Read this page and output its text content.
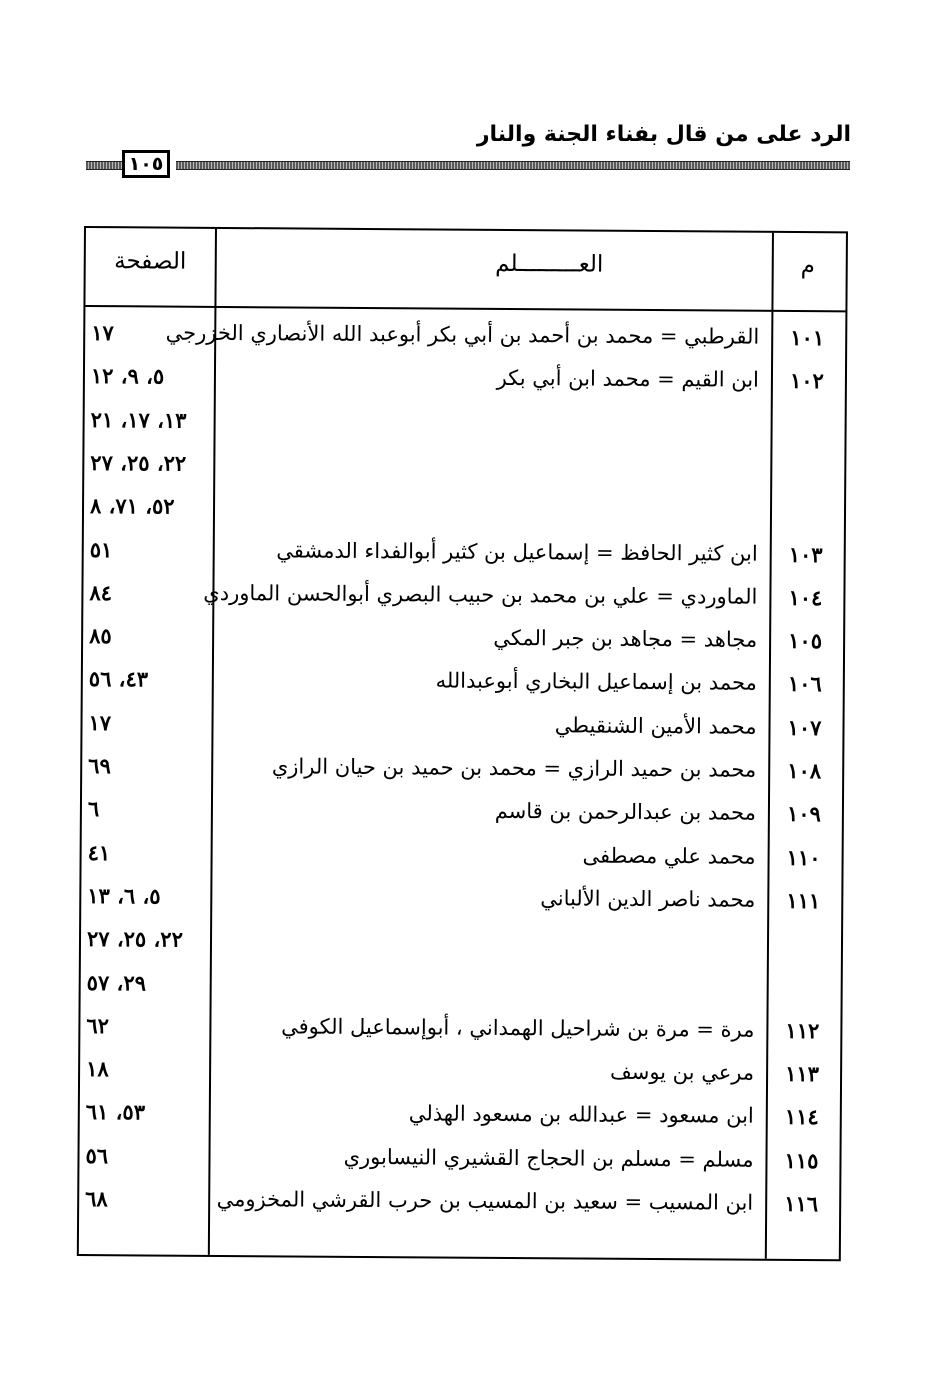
الرد على من قال بفناء الجنة والنار
١٠٥
م
العـــــــــلم
الصفحة
١٠١
القرطبي = محمد بن أحمد بن أبي بكر أبوعبد الله الأنصاري الخزرجي
١٧
١٠٢
ابن القيم = محمد ابن أبي بكر
٥، ٩، ١٢
١٣، ١٧، ٢١
٢٢، ٢٥، ٢٧
٥٢، ٧١، ٨
١٠٣
ابن كثير الحافظ = إسماعيل بن كثير أبوالفداء الدمشقي
٥١
١٠٤
الماوردي = علي بن محمد بن حبيب البصري أبوالحسن الماوردي
٨٤
١٠٥
مجاهد = مجاهد بن جبر المكي
٨٥
١٠٦
محمد بن إسماعيل البخاري أبوعبدالله
٤٣، ٥٦
١٠٧
محمد الأمين الشنقيطي
١٧
١٠٨
محمد بن حميد الرازي = محمد بن حميد بن حيان الرازي
٦٩
١٠٩
محمد بن عبدالرحمن بن قاسم
٦
١١٠
محمد علي مصطفى
٤١
١١١
محمد ناصر الدين الألباني
٥، ٦، ١٣
٢٢، ٢٥، ٢٧
٢٩، ٥٧
١١٢
مرة = مرة بن شراحيل الهمداني ، أبوإسماعيل الكوفي
٦٢
١١٣
مرعي بن يوسف
١٨
١١٤
ابن مسعود = عبدالله بن مسعود الهذلي
٥٣، ٦١
١١٥
مسلم = مسلم بن الحجاج القشيري النيسابوري
٥٦
١١٦
ابن المسيب = سعيد بن المسيب بن حرب القرشي المخزومي
٦٨
